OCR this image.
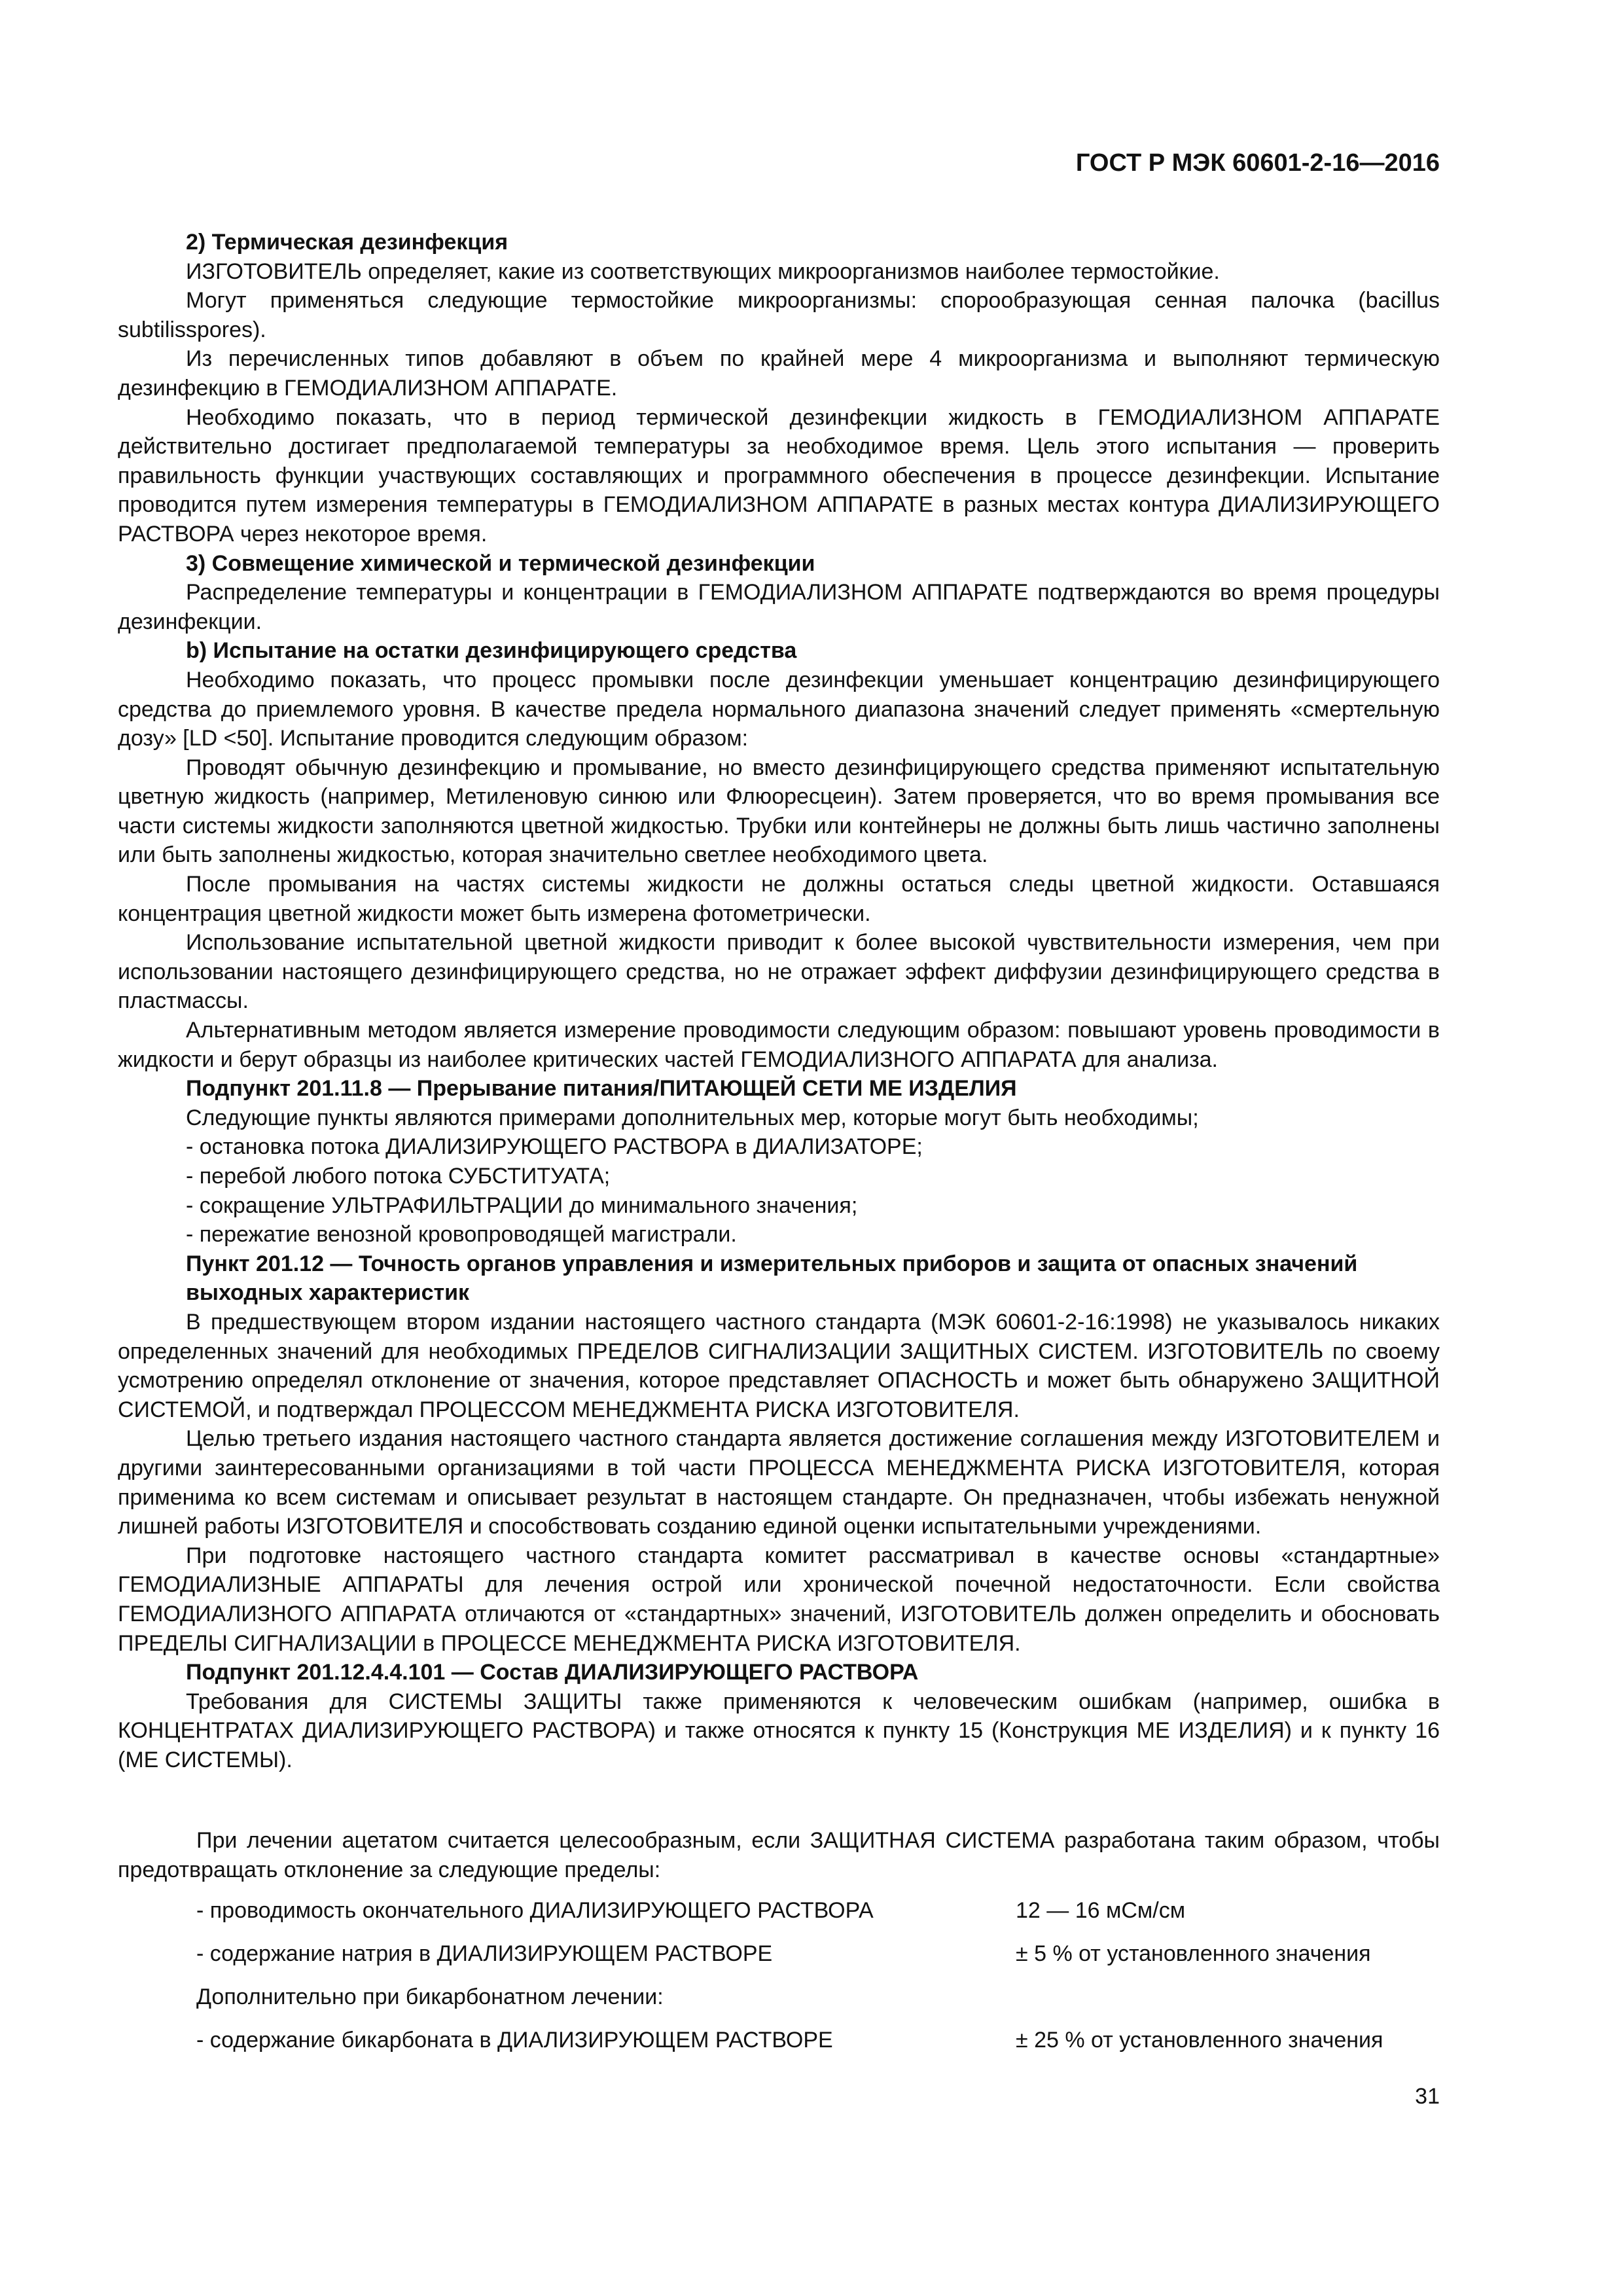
ГОСТ Р МЭК 60601-2-16—2016

2) Термическая дезинфекция

ИЗГОТОВИТЕЛЬ определяет, какие из соответствующих микроорганизмов наиболее термостойкие.

Могут применяться следующие термостойкие микроорганизмы: спорообразующая сенная палочка (bacillus subtilisspores).

Из перечисленных типов добавляют в объем по крайней мере 4 микроорганизма и выполняют термическую дезинфекцию в ГЕМОДИАЛИЗНОМ АППАРАТЕ.

Необходимо показать, что в период термической дезинфекции жидкость в ГЕМОДИАЛИЗНОМ АППАРАТЕ действительно достигает предполагаемой температуры за необходимое время. Цель этого испытания — проверить правильность функции участвующих составляющих и программного обеспечения в процессе дезинфекции. Испытание проводится путем измерения температуры в ГЕМОДИАЛИЗНОМ АППАРАТЕ в разных местах контура ДИАЛИЗИРУЮЩЕГО РАСТВОРА через некоторое время.

3) Совмещение химической и термической дезинфекции

Распределение температуры и концентрации в ГЕМОДИАЛИЗНОМ АППАРАТЕ подтверждаются во время процедуры дезинфекции.

b) Испытание на остатки дезинфицирующего средства

Необходимо показать, что процесс промывки после дезинфекции уменьшает концентрацию дезинфицирующего средства до приемлемого уровня. В качестве предела нормального диапазона значений следует применять «смертельную дозу» [LD <50]. Испытание проводится следующим образом:

Проводят обычную дезинфекцию и промывание, но вместо дезинфицирующего средства применяют испытательную цветную жидкость (например, Метиленовую синюю или Флюоресцеин). Затем проверяется, что во время промывания все части системы жидкости заполняются цветной жидкостью. Трубки или контейнеры не должны быть лишь частично заполнены или быть заполнены жидкостью, которая значительно светлее необходимого цвета.

После промывания на частях системы жидкости не должны остаться следы цветной жидкости. Оставшаяся концентрация цветной жидкости может быть измерена фотометрически.

Использование испытательной цветной жидкости приводит к более высокой чувствительности измерения, чем при использовании настоящего дезинфицирующего средства, но не отражает эффект диффузии дезинфицирующего средства в пластмассы.

Альтернативным методом является измерение проводимости следующим образом: повышают уровень проводимости в жидкости и берут образцы из наиболее критических частей ГЕМОДИАЛИЗНОГО АППАРАТА для анализа.

Подпункт 201.11.8 — Прерывание питания/ПИТАЮЩЕЙ СЕТИ МЕ ИЗДЕЛИЯ

Следующие пункты являются примерами дополнительных мер, которые могут быть необходимы;

- остановка потока ДИАЛИЗИРУЮЩЕГО РАСТВОРА в ДИАЛИЗАТОРЕ;

- перебой любого потока СУБСТИТУАТА;

- сокращение УЛЬТРАФИЛЬТРАЦИИ до минимального значения;

- пережатие венозной кровопроводящей магистрали.

Пункт 201.12 — Точность органов управления и измерительных приборов и защита от опасных значений выходных характеристик

В предшествующем втором издании настоящего частного стандарта (МЭК 60601-2-16:1998) не указывалось никаких определенных значений для необходимых ПРЕДЕЛОВ СИГНАЛИЗАЦИИ ЗАЩИТНЫХ СИСТЕМ. ИЗГОТОВИТЕЛЬ по своему усмотрению определял отклонение от значения, которое представляет ОПАСНОСТЬ и может быть обнаружено ЗАЩИТНОЙ СИСТЕМОЙ, и подтверждал ПРОЦЕССОМ МЕНЕДЖМЕНТА РИСКА ИЗГОТОВИТЕЛЯ.

Целью третьего издания настоящего частного стандарта является достижение соглашения между ИЗГОТОВИТЕЛЕМ и другими заинтересованными организациями в той части ПРОЦЕССА МЕНЕДЖМЕНТА РИСКА ИЗГОТОВИТЕЛЯ, которая применима ко всем системам и описывает результат в настоящем стандарте. Он предназначен, чтобы избежать ненужной лишней работы ИЗГОТОВИТЕЛЯ и способствовать созданию единой оценки испытательными учреждениями.

При подготовке настоящего частного стандарта комитет рассматривал в качестве основы «стандартные» ГЕМОДИАЛИЗНЫЕ АППАРАТЫ для лечения острой или хронической почечной недостаточности. Если свойства ГЕМОДИАЛИЗНОГО АППАРАТА отличаются от «стандартных» значений, ИЗГОТОВИТЕЛЬ должен определить и обосновать ПРЕДЕЛЫ СИГНАЛИЗАЦИИ в ПРОЦЕССЕ МЕНЕДЖМЕНТА РИСКА ИЗГОТОВИТЕЛЯ.

Подпункт 201.12.4.4.101 — Состав ДИАЛИЗИРУЮЩЕГО РАСТВОРА

Требования для СИСТЕМЫ ЗАЩИТЫ также применяются к человеческим ошибкам (например, ошибка в КОНЦЕНТРАТАХ ДИАЛИЗИРУЮЩЕГО РАСТВОРА) и также относятся к пункту 15 (Конструкция МЕ ИЗДЕЛИЯ) и к пункту 16 (МЕ СИСТЕМЫ).

При лечении ацетатом считается целесообразным, если ЗАЩИТНАЯ СИСТЕМА разработана таким образом, чтобы предотвращать отклонение за следующие пределы:

- проводимость окончательного ДИАЛИЗИРУЮЩЕГО РАСТВОРА	12 — 16 мСм/см
- содержание натрия в ДИАЛИЗИРУЮЩЕМ РАСТВОРЕ	± 5 % от установленного значения
Дополнительно при бикарбонатном лечении:
- содержание бикарбоната в ДИАЛИЗИРУЮЩЕМ РАСТВОРЕ	± 25 % от установленного значения
31
